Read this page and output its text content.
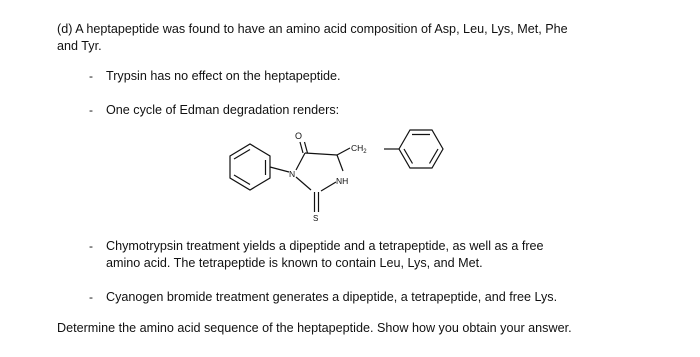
(d) A heptapeptide was found to have an amino acid composition of Asp, Leu, Lys, Met, Phe
and Tyr.
- Trypsin has no effect on the heptapeptide.
- One cycle of Edman degradation renders:
O
$CH_2$
N
NH
S
- Chymotrypsin treatment yields a dipeptide and a tetrapeptide, as well as a free
amino acid. The tetrapeptide is known to contain Leu, Lys, and Met.
- Cyanogen bromide treatment generates a dipeptide, a tetrapeptide, and free Lys.
Determine the amino acid sequence of the heptapeptide. Show how you obtain your answer.
